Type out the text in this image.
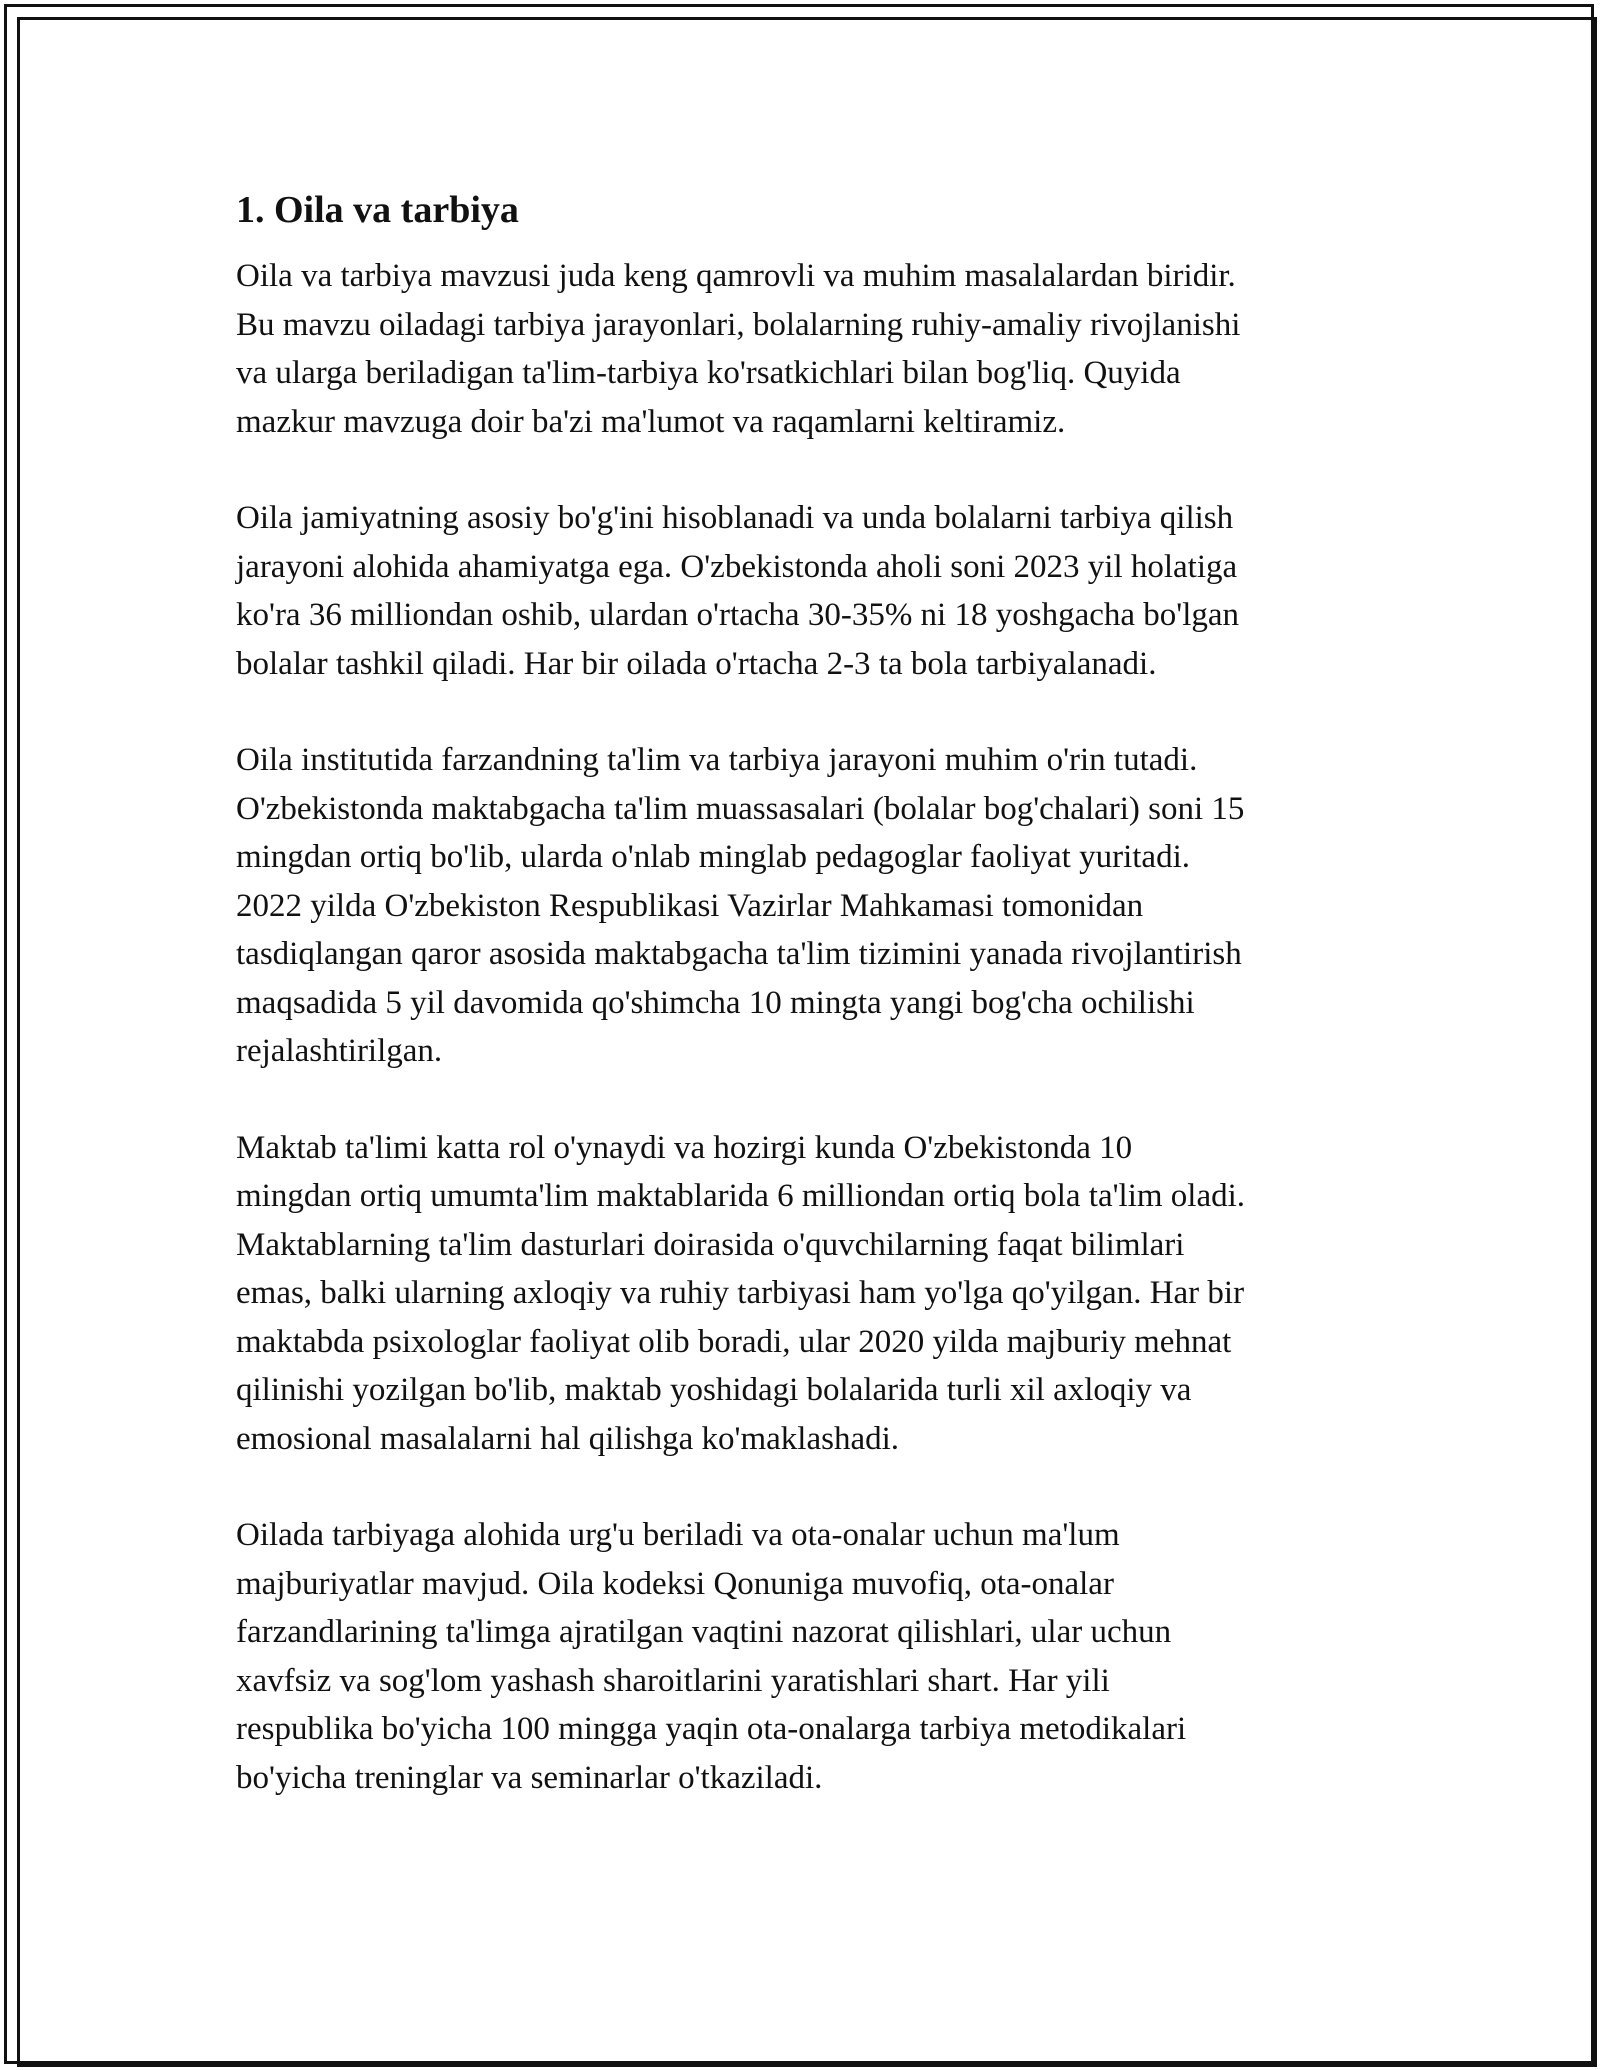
1. Oila va tarbiya

Oila va tarbiya mavzusi juda keng qamrovli va muhim masalalardan biridir.
Bu mavzu oiladagi tarbiya jarayonlari, bolalarning ruhiy-amaliy rivojlanishi
va ularga beriladigan ta'lim-tarbiya ko'rsatkichlari bilan bog'liq. Quyida
mazkur mavzuga doir ba'zi ma'lumot va raqamlarni keltiramiz.

Oila jamiyatning asosiy bo'g'ini hisoblanadi va unda bolalarni tarbiya qilish
jarayoni alohida ahamiyatga ega. O'zbekistonda aholi soni 2023 yil holatiga
ko'ra 36 milliondan oshib, ulardan o'rtacha 30-35% ni 18 yoshgacha bo'lgan
bolalar tashkil qiladi. Har bir oilada o'rtacha 2-3 ta bola tarbiyalanadi.

Oila institutida farzandning ta'lim va tarbiya jarayoni muhim o'rin tutadi.
O'zbekistonda maktabgacha ta'lim muassasalari (bolalar bog'chalari) soni 15
mingdan ortiq bo'lib, ularda o'nlab minglab pedagoglar faoliyat yuritadi.
2022 yilda O'zbekiston Respublikasi Vazirlar Mahkamasi tomonidan
tasdiqlangan qaror asosida maktabgacha ta'lim tizimini yanada rivojlantirish
maqsadida 5 yil davomida qo'shimcha 10 mingta yangi bog'cha ochilishi
rejalashtirilgan.

Maktab ta'limi katta rol o'ynaydi va hozirgi kunda O'zbekistonda 10
mingdan ortiq umumta'lim maktablarida 6 milliondan ortiq bola ta'lim oladi.
Maktablarning ta'lim dasturlari doirasida o'quvchilarning faqat bilimlari
emas, balki ularning axloqiy va ruhiy tarbiyasi ham yo'lga qo'yilgan. Har bir
maktabda psixologlar faoliyat olib boradi, ular 2020 yilda majburiy mehnat
qilinishi yozilgan bo'lib, maktab yoshidagi bolalarida turli xil axloqiy va
emosional masalalarni hal qilishga ko'maklashadi.

Oilada tarbiyaga alohida urg'u beriladi va ota-onalar uchun ma'lum
majburiyatlar mavjud. Oila kodeksi Qonuniga muvofiq, ota-onalar
farzandlarining ta'limga ajratilgan vaqtini nazorat qilishlari, ular uchun
xavfsiz va sog'lom yashash sharoitlarini yaratishlari shart. Har yili
respublika bo'yicha 100 mingga yaqin ota-onalarga tarbiya metodikalari
bo'yicha treninglar va seminarlar o'tkaziladi.
